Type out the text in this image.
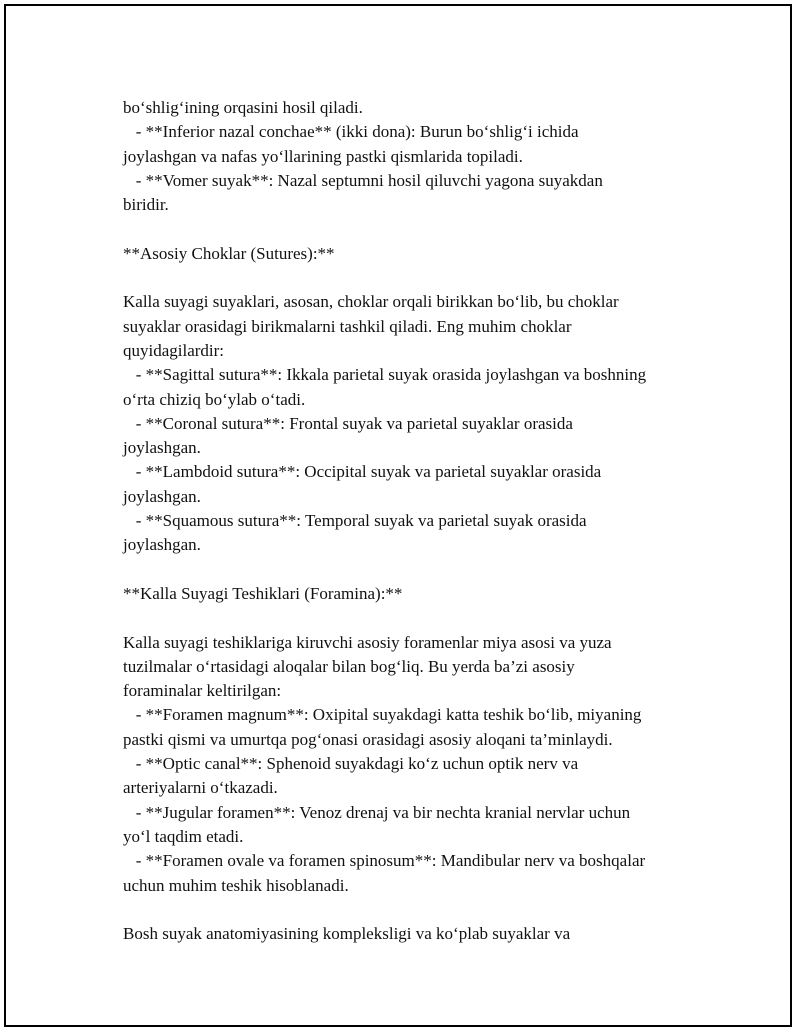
bo‘shlig‘ining orqasini hosil qiladi.
- **Inferior nazal conchae** (ikki dona): Burun bo‘shlig‘i ichida
joylashgan va nafas yo‘llarining pastki qismlarida topiladi.
- **Vomer suyak**: Nazal septumni hosil qiluvchi yagona suyakdan
biridir.
**Asosiy Choklar (Sutures):**
Kalla suyagi suyaklari, asosan, choklar orqali birikkan bo‘lib, bu choklar
suyaklar orasidagi birikmalarni tashkil qiladi. Eng muhim choklar
quyidagilardir:
- **Sagittal sutura**: Ikkala parietal suyak orasida joylashgan va boshning
o‘rta chiziq bo‘ylab o‘tadi.
- **Coronal sutura**: Frontal suyak va parietal suyaklar orasida
joylashgan.
- **Lambdoid sutura**: Occipital suyak va parietal suyaklar orasida
joylashgan.
- **Squamous sutura**: Temporal suyak va parietal suyak orasida
joylashgan.
**Kalla Suyagi Teshiklari (Foramina):**
Kalla suyagi teshiklariga kiruvchi asosiy foramenlar miya asosi va yuza
tuzilmalar o‘rtasidagi aloqalar bilan bog‘liq. Bu yerda ba’zi asosiy
foraminalar keltirilgan:
- **Foramen magnum**: Oxipital suyakdagi katta teshik bo‘lib, miyaning
pastki qismi va umurtqa pog‘onasi orasidagi asosiy aloqani ta’minlaydi.
- **Optic canal**: Sphenoid suyakdagi ko‘z uchun optik nerv va
arteriyalarni o‘tkazadi.
- **Jugular foramen**: Venoz drenaj va bir nechta kranial nervlar uchun
yo‘l taqdim etadi.
- **Foramen ovale va foramen spinosum**: Mandibular nerv va boshqalar
uchun muhim teshik hisoblanadi.
Bosh suyak anatomiyasining kompleksligi va ko‘plab suyaklar va
